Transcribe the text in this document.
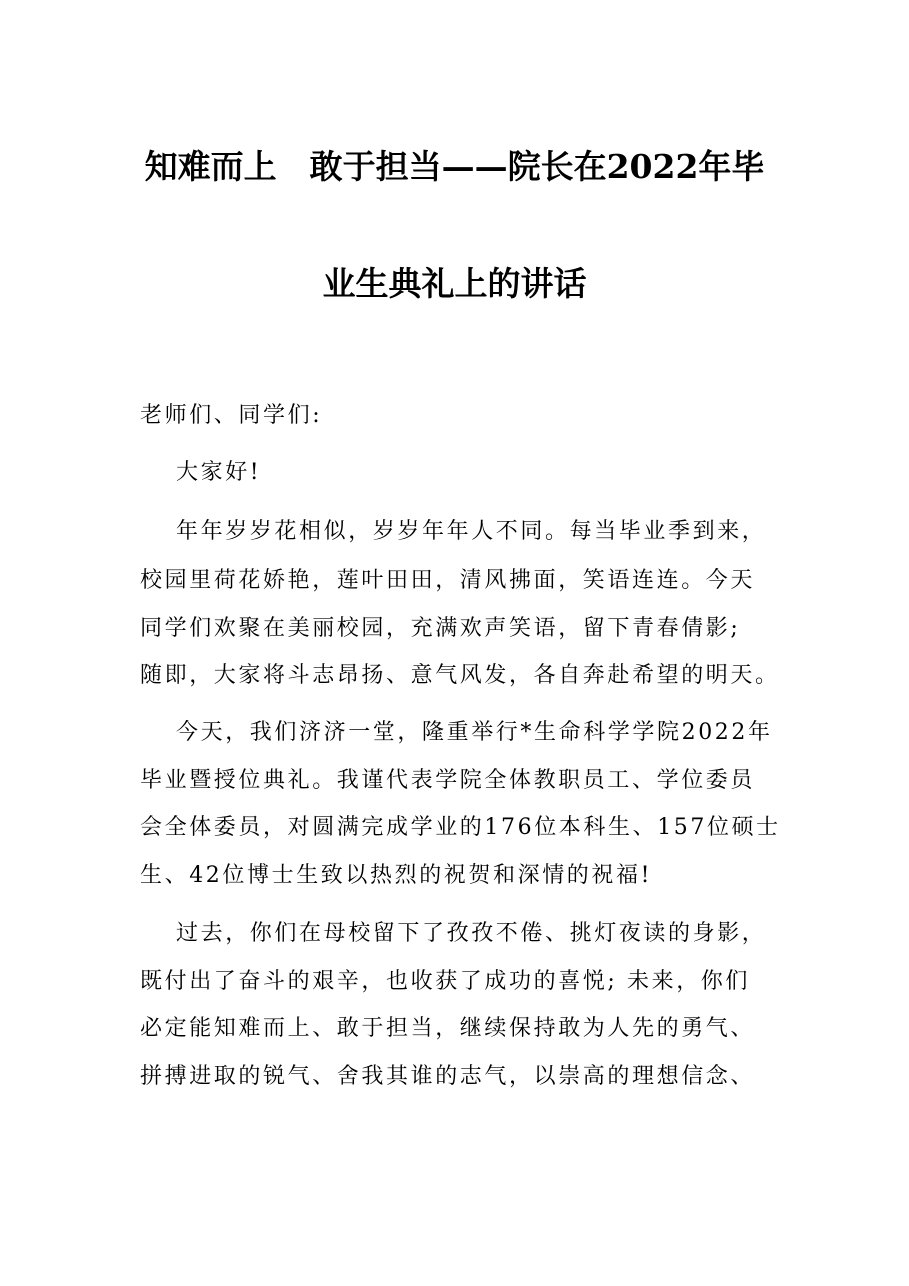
知难而上　敢于担当——院长在2022年毕
业生典礼上的讲话
老师们、同学们:
大家好!
年年岁岁花相似，岁岁年年人不同。每当毕业季到来，
校园里荷花娇艳，莲叶田田，清风拂面，笑语连连。今天
同学们欢聚在美丽校园，充满欢声笑语，留下青春倩影;
随即，大家将斗志昂扬、意气风发，各自奔赴希望的明天。
今天，我们济济一堂，隆重举行*生命科学学院2022年
毕业暨授位典礼。我谨代表学院全体教职员工、学位委员
会全体委员，对圆满完成学业的176位本科生、157位硕士
生、42位博士生致以热烈的祝贺和深情的祝福!
过去，你们在母校留下了孜孜不倦、挑灯夜读的身影，
既付出了奋斗的艰辛，也收获了成功的喜悦; 未来，你们
必定能知难而上、敢于担当，继续保持敢为人先的勇气、
拼搏进取的锐气、舍我其谁的志气，以崇高的理想信念、
